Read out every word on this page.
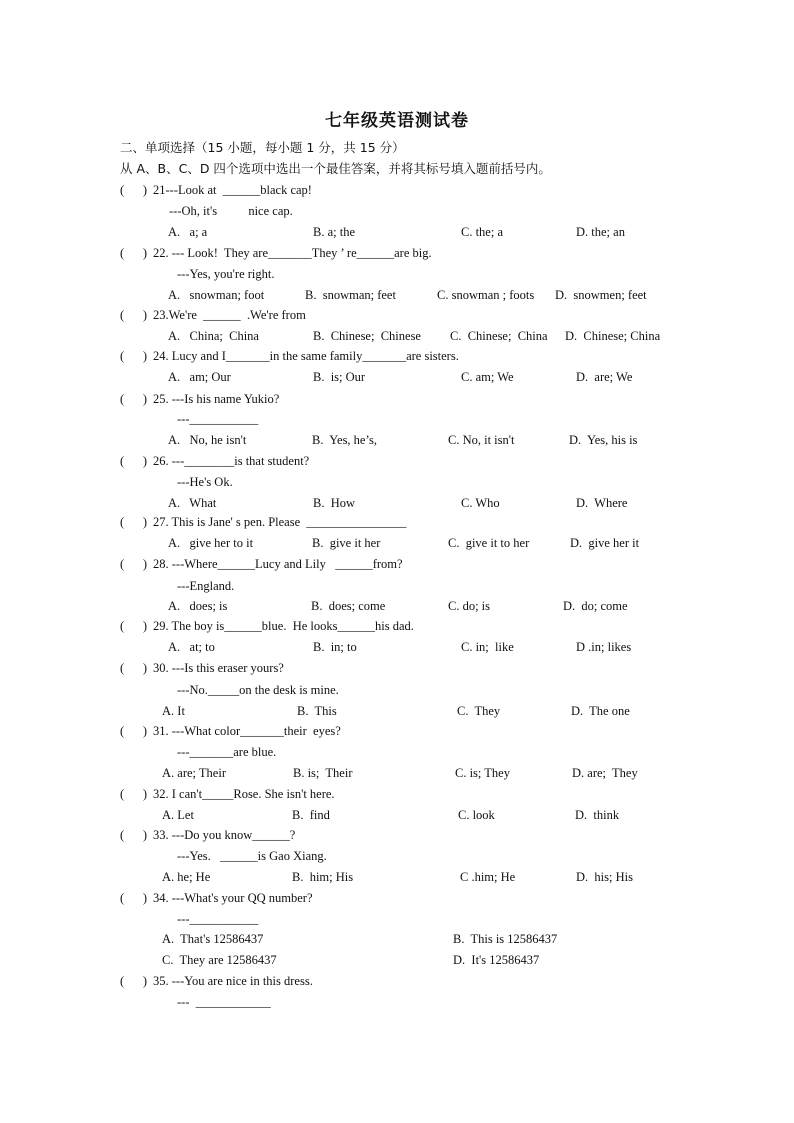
七年级英语测试卷
二、单项选择（15 小题，每小题 1 分，共 15 分）
从 A、B、C、D 四个选项中选出一个最佳答案，并将其标号填入题前括号内。
(      ) 21---Look at  ______black cap!
---Oh, it's          nice cap.
A.   a; a	B. a; the	C. the; a	D. the; an
(      ) 22. --- Look!  They are_______They ’ re______are big.
---Yes, you're right.
A.   snowman; foot	B.  snowman; feet	C. snowman ; foots D.  snowmen; feet
(      ) 23.We're  ______  .We're from
A.   China;  China	B.  Chinese;  Chinese C.  Chinese;  China D.  Chinese; China
(      ) 24. Lucy and I_______in the same family_______are sisters.
A.   am; Our	B.  is; Our	C. am; We	D.  are; We
(      ) 25. ---Is his name Yukio?
---___________
A.   No, he isn't	B.  Yes, he’s,	C. No, it isn't	D.  Yes, his is
(      ) 26. ---________is that student?
---He's Ok.
A.   What	B.  How	C. Who	D.  Where
(      ) 27. This is Jane' s pen. Please  ________________
A.   give her to it	B.  give it her	C.  give it to her	D.  give her it
(      ) 28. ---Where______Lucy and Lily   ______from?
---England.
A.   does; is	B.  does; come	C. do; is	D.  do; come
(      ) 29. The boy is______blue.  He looks______his dad.
A.   at; to	B.  in; to	C. in;  like	D .in; likes
(      ) 30. ---Is this eraser yours?
---No._____on the desk is mine.
A. It	B.  This	C.  They	D.  The one
(      ) 31. ---What color_______their  eyes?
---_______are blue.
A. are; Their	B. is;  Their	C. is; They	D. are;  They
(      ) 32. I can't_____Rose. She isn't here.
A. Let	B.  find	C. look	D.  think
(      ) 33. ---Do you know______?
---Yes.   ______is Gao Xiang.
A. he; He	B.  him; His	C .him; He	D.  his; His
(      ) 34. ---What's your QQ number?
---___________
A.  That's 12586437	B.  This is 12586437
C.  They are 12586437	D.  It's 12586437
(      ) 35. ---You are nice in this dress.
---  ____________
